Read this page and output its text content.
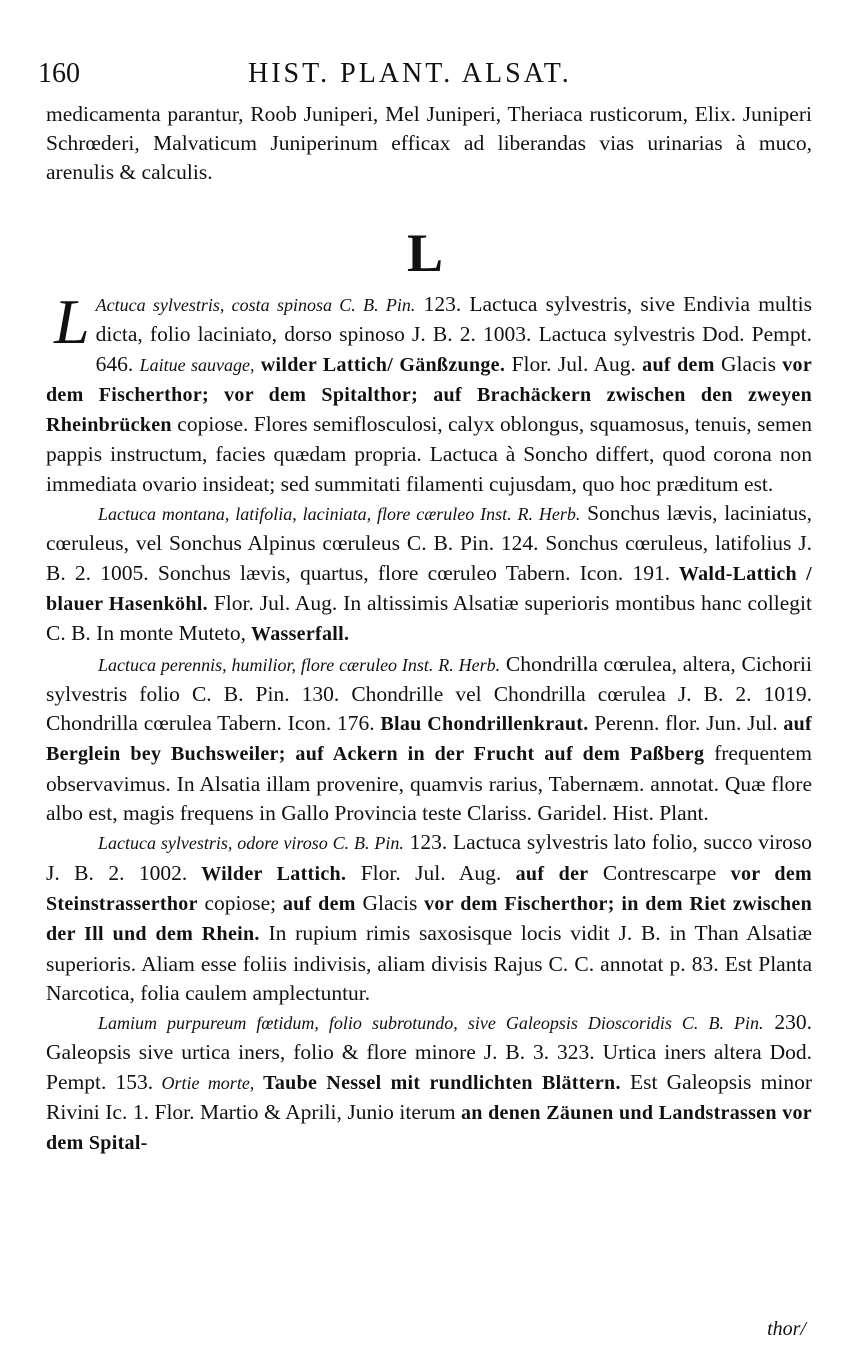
160	HIST. PLANT. ALSAT.
medicamenta parantur, Roob Juniperi, Mel Juniperi, Theriaca rusticorum, Elix. Juniperi Schrœderi, Malvaticum Juniperinum efficax ad liberandas vias urinarias à muco, arenulis & calculis.
L

L Actuca sylvestris, costa spinosa C. B. Pin. 123. Lactuca sylvestris, sive Endivia multis dicta, folio laciniato, dorso spinoso J. B. 2. 1003. Lactuca sylvestris Dod. Pempt. 646. Laitue sauvage, wilder Lattich/ Gänßzunge. Flor. Jul. Aug. auf dem Glacis vor dem Fischerthor; vor dem Spitalthor; auf Brachäckern zwischen den zweyen Rheinbrücken copiose. Flores semiflosculosi, calyx oblongus, squamosus, tenuis, semen pappis instructum, facies quædam propria. Lactuca à Soncho differt, quod corona non immediata ovario insideat; sed summitati filamenti cujusdam, quo hoc præditum est.

Lactuca montana, latifolia, laciniata, flore cæruleo Inst. R. Herb. Sonchus lævis, laciniatus, cœruleus, vel Sonchus Alpinus cœruleus C. B. Pin. 124. Sonchus cœruleus, latifolius J. B. 2. 1005. Sonchus lævis, quartus, flore cœruleo Tabern. Icon. 191. Wald-Lattich / blauer Hasenköhl. Flor. Jul. Aug. In altissimis Alsatiæ superioris montibus hanc collegit C. B. In monte Muteto, Wasserfall.

Lactuca perennis, humilior, flore cæruleo Inst. R. Herb. Chondrilla cœrulea, altera, Cichorii sylvestris folio C. B. Pin. 130. Chondrille vel Chondrilla cœrulea J. B. 2. 1019. Chondrilla cœrulea Tabern. Icon. 176. Blau Chondrillenkraut. Perenn. flor. Jun. Jul. auf Berglein bey Buchsweiler; auf Ackern in der Frucht auf dem Paßberg frequentem observavimus. In Alsatia illam provenire, quamvis rarius, Tabernæm. annotat. Quæ flore albo est, magis frequens in Gallo Provincia teste Clariss. Garidel. Hist. Plant.

Lactuca sylvestris, odore viroso C. B. Pin. 123. Lactuca sylvestris lato folio, succo viroso J. B. 2. 1002. Wilder Lattich. Flor. Jul. Aug. auf der Contrescarpe vor dem Steinstrasserthor copiose; auf dem Glacis vor dem Fischerthor; in dem Riet zwischen der Ill und dem Rhein. In rupium rimis saxosisque locis vidit J. B. in Than Alsatiæ superioris. Aliam esse foliis indivisis, aliam divisis Rajus C. C. annotat p. 83. Est Planta Narcotica, folia caulem amplectuntur.

Lamium purpureum fœtidum, folio subrotundo, sive Galeopsis Dioscoridis C. B. Pin. 230. Galeopsis sive urtica iners, folio & flore minore J. B. 3. 323. Urtica iners altera Dod. Pempt. 153. Ortie morte, Taube Nessel mit rundlichten Blättern. Est Galeopsis minor Rivini Ic. 1. Flor. Martio & Aprili, Junio iterum an denen Zäunen und Landstrassen vor dem Spital-

thor/
